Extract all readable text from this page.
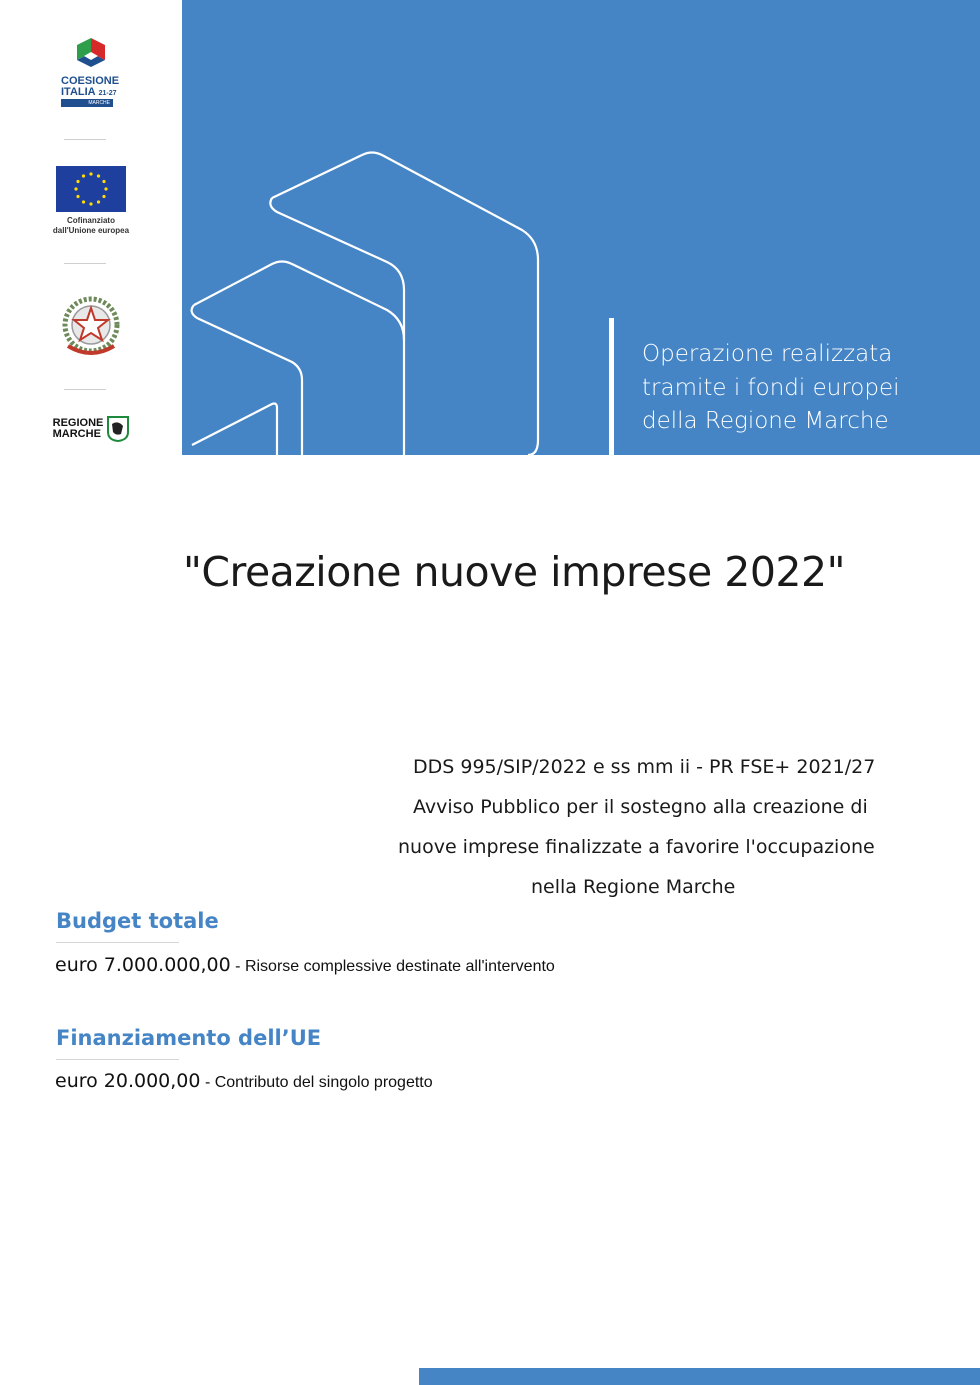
COESIONE
ITALIA 21-27
MARCHE
Cofinanziato
dall'Unione europea
REGIONE
MARCHE
Operazione realizzata
tramite i fondi europei
della Regione Marche
"Creazione nuove imprese 2022"
DDS 995/SIP/2022 e ss mm ii - PR FSE+ 2021/27
Avviso Pubblico per il sostegno alla creazione di
nuove imprese finalizzate a favorire l'occupazione
nella Regione Marche
Budget totale
euro 7.000.000,00 - Risorse complessive destinate all'intervento
Finanziamento dell’UE
euro 20.000,00 - Contributo del singolo progetto
